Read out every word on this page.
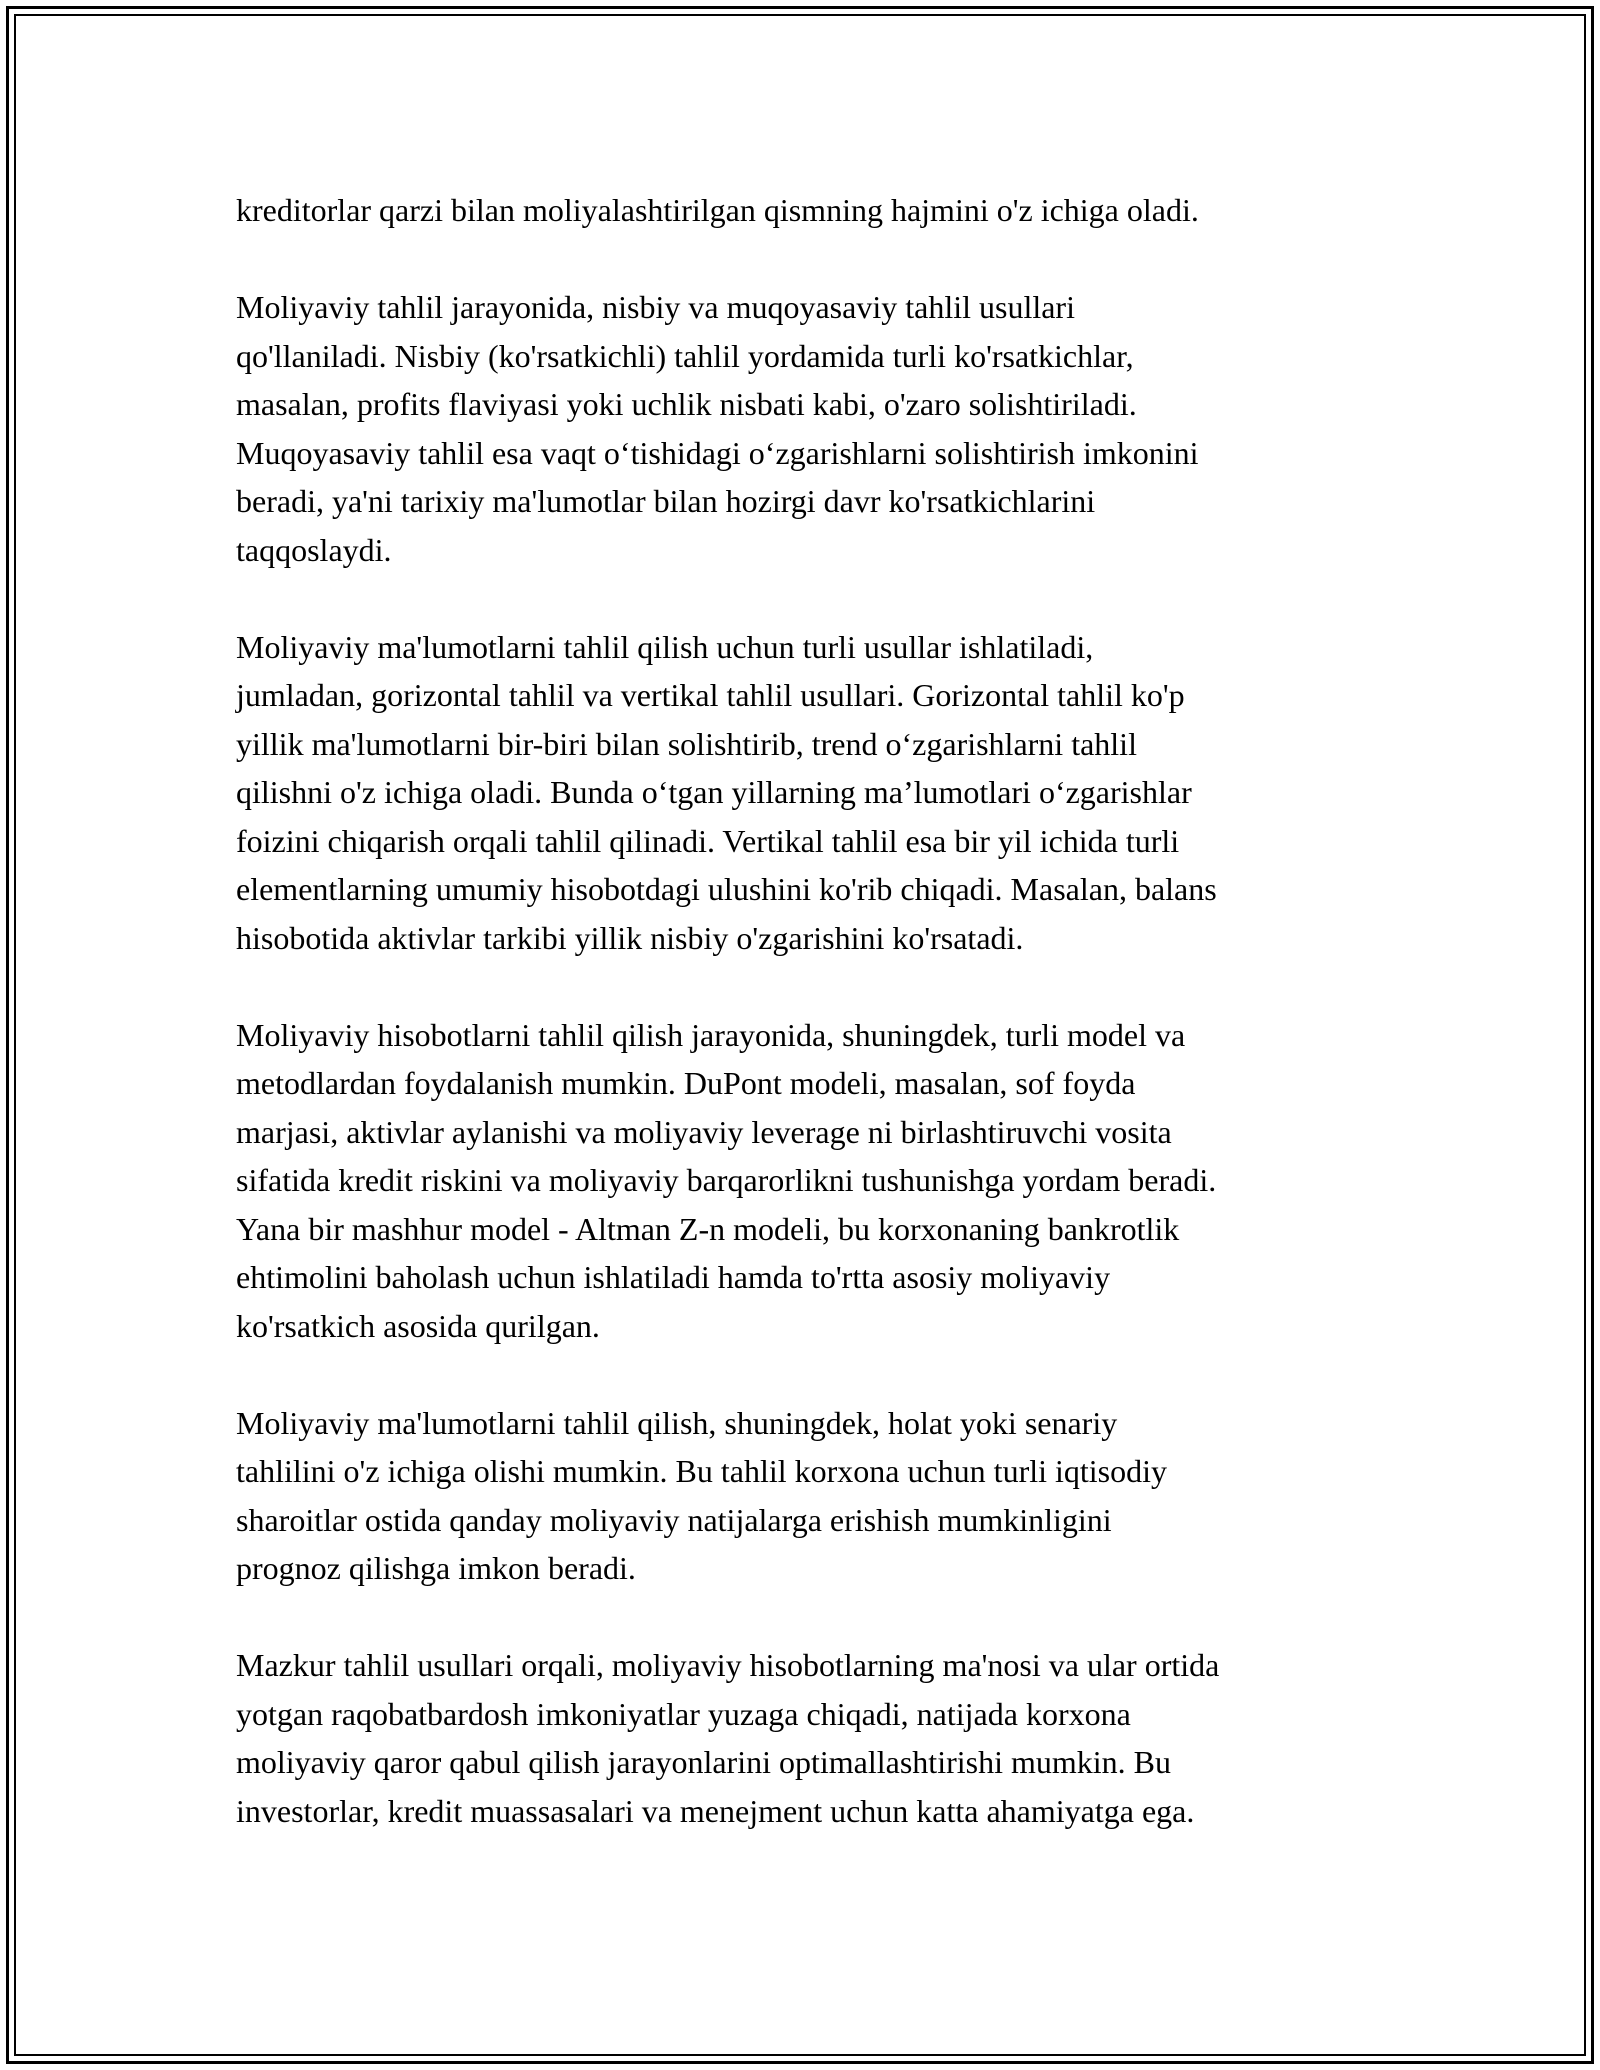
kreditorlar qarzi bilan moliyalashtirilgan qismning hajmini o'z ichiga oladi.

Moliyaviy tahlil jarayonida, nisbiy va muqoyasaviy tahlil usullari
qo'llaniladi. Nisbiy (ko'rsatkichli) tahlil yordamida turli ko'rsatkichlar,
masalan, profits flaviyasi yoki uchlik nisbati kabi, o'zaro solishtiriladi.
Muqoyasaviy tahlil esa vaqt oʻtishidagi oʻzgarishlarni solishtirish imkonini
beradi, ya'ni tarixiy ma'lumotlar bilan hozirgi davr ko'rsatkichlarini
taqqoslaydi.

Moliyaviy ma'lumotlarni tahlil qilish uchun turli usullar ishlatiladi,
jumladan, gorizontal tahlil va vertikal tahlil usullari. Gorizontal tahlil ko'p
yillik ma'lumotlarni bir-biri bilan solishtirib, trend oʻzgarishlarni tahlil
qilishni o'z ichiga oladi. Bunda oʻtgan yillarning ma’lumotlari oʻzgarishlar
foizini chiqarish orqali tahlil qilinadi. Vertikal tahlil esa bir yil ichida turli
elementlarning umumiy hisobotdagi ulushini ko'rib chiqadi. Masalan, balans
hisobotida aktivlar tarkibi yillik nisbiy o'zgarishini ko'rsatadi.

Moliyaviy hisobotlarni tahlil qilish jarayonida, shuningdek, turli model va
metodlardan foydalanish mumkin. DuPont modeli, masalan, sof foyda
marjasi, aktivlar aylanishi va moliyaviy leverage ni birlashtiruvchi vosita
sifatida kredit riskini va moliyaviy barqarorlikni tushunishga yordam beradi.
Yana bir mashhur model - Altman Z-n modeli, bu korxonaning bankrotlik
ehtimolini baholash uchun ishlatiladi hamda to'rtta asosiy moliyaviy
ko'rsatkich asosida qurilgan.

Moliyaviy ma'lumotlarni tahlil qilish, shuningdek, holat yoki senariy
tahlilini o'z ichiga olishi mumkin. Bu tahlil korxona uchun turli iqtisodiy
sharoitlar ostida qanday moliyaviy natijalarga erishish mumkinligini
prognoz qilishga imkon beradi.

Mazkur tahlil usullari orqali, moliyaviy hisobotlarning ma'nosi va ular ortida
yotgan raqobatbardosh imkoniyatlar yuzaga chiqadi, natijada korxona
moliyaviy qaror qabul qilish jarayonlarini optimallashtirishi mumkin. Bu
investorlar, kredit muassasalari va menejment uchun katta ahamiyatga ega.
